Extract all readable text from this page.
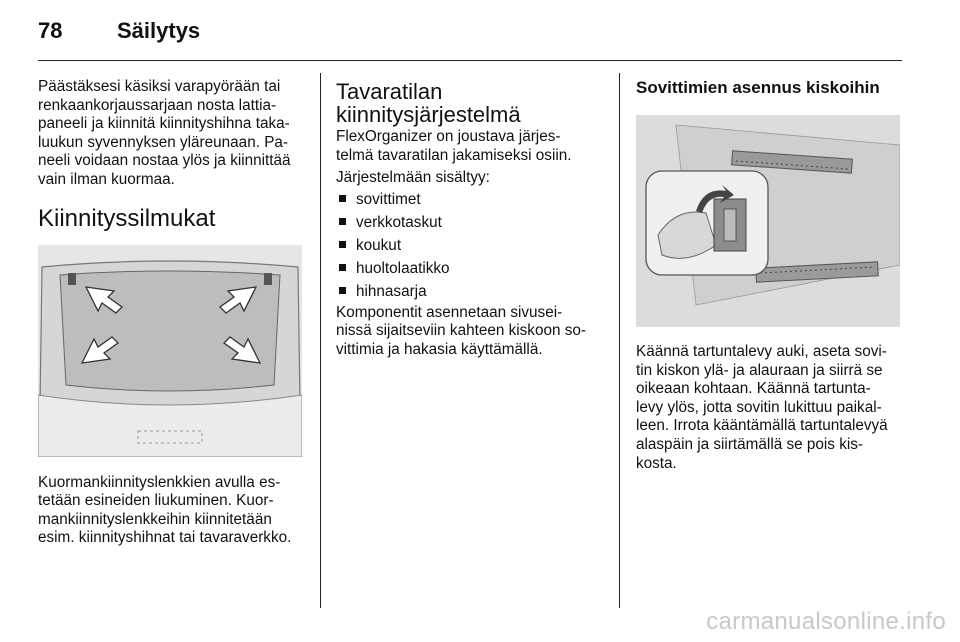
78 Säilytys

Päästäksesi käsiksi varapyörään tai

renkaankorjaussarjaan nosta lattia-

paneeli ja kiinnitä kiinnityshihna taka-

luukun syvennyksen yläreunaan. Pa-

neeli voidaan nostaa ylös ja kiinnittää

vain ilman kuormaa.

Kiinnityssilmukat

Kuormankiinnityslenkkien avulla es-

tetään esineiden liukuminen. Kuor-

mankiinnityslenkkeihin kiinnitetään

esim. kiinnityshihnat tai tavaraverkko.

Tavaratilan
kiinnitysjärjestelmä

FlexOrganizer on joustava järjes-

telmä tavaratilan jakamiseksi osiin.

Järjestelmään sisältyy:

sovittimet
verkkotaskut
koukut
huoltolaatikko
hihnasarja

Komponentit asennetaan sivusei-

nissä sijaitseviin kahteen kiskoon so-

vittimia ja hakasia käyttämällä.

Sovittimien asennus kiskoihin

Käännä tartuntalevy auki, aseta sovi-

tin kiskon ylä- ja alauraan ja siirrä se

oikeaan kohtaan. Käännä tartunta-

levy ylös, jotta sovitin lukittuu paikal-

leen. Irrota kääntämällä tartuntalevyä

alaspäin ja siirtämällä se pois kis-

kosta.

carmanualsonline.info
